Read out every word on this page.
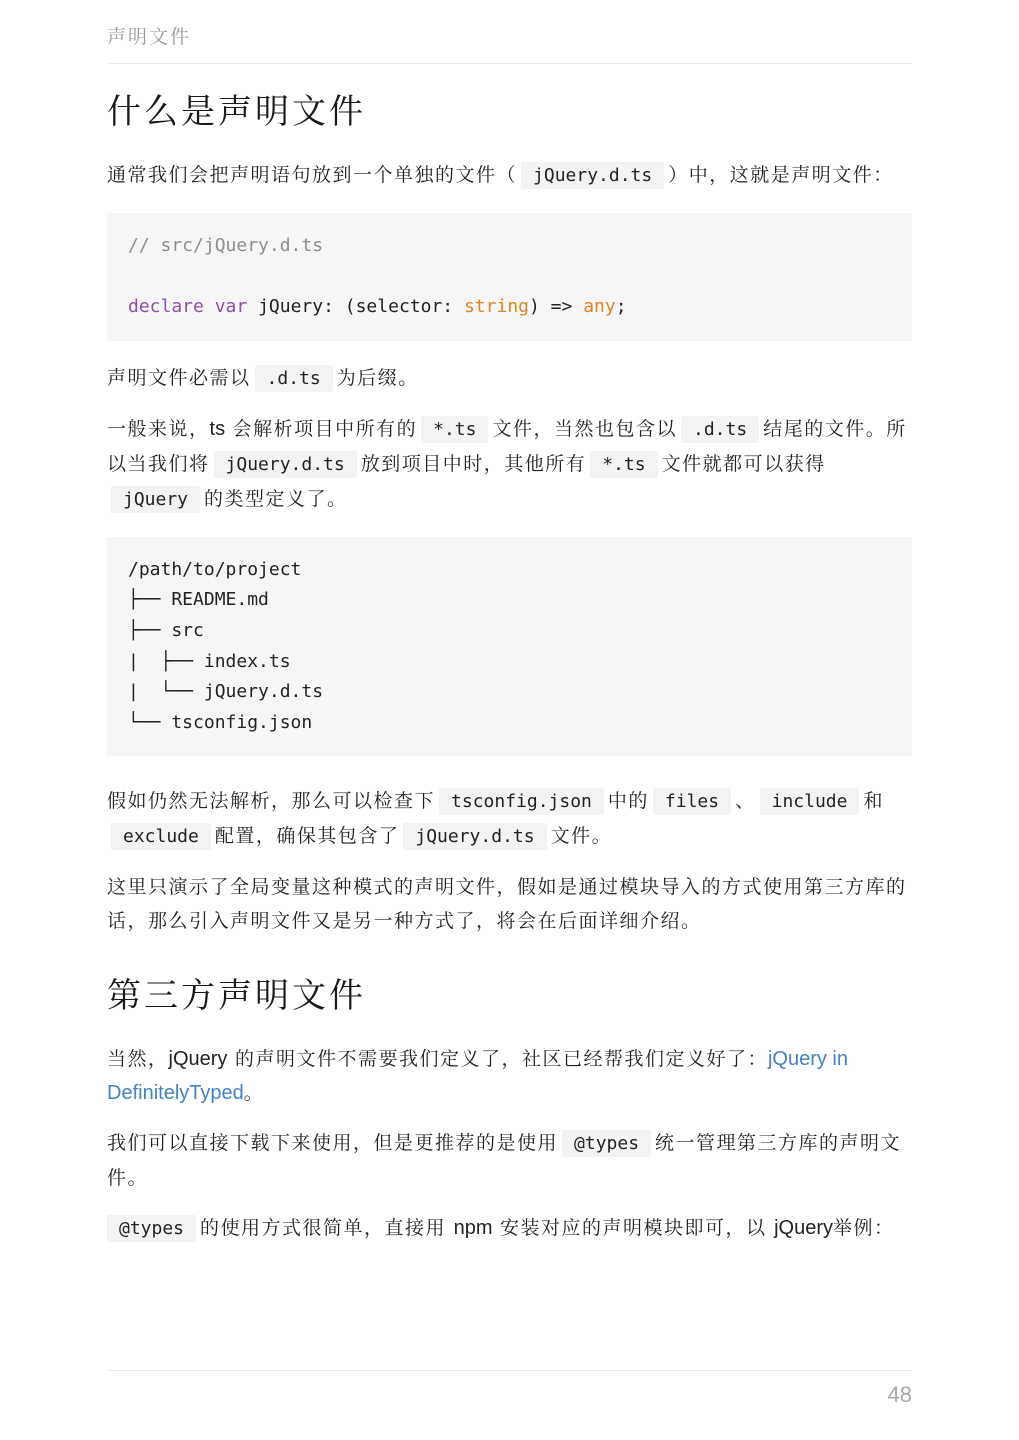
声明文件
什么是声明文件

通常我们会把声明语句放到一个单独的文件（ jQuery.d.ts ）中，这就是声明文件：

// src/jQuery.d.ts

declare var jQuery: (selector: string) => any;

声明文件必需以 .d.ts 为后缀。

一般来说，ts 会解析项目中所有的 *.ts 文件，当然也包含以 .d.ts 结尾的文件。所以当我们将 jQuery.d.ts 放到项目中时，其他所有 *.ts 文件就都可以获得jQuery 的类型定义了。

/path/to/project
├── README.md
├── src
|  ├── index.ts
|  └── jQuery.d.ts
└── tsconfig.json

假如仍然无法解析，那么可以检查下 tsconfig.json 中的 files 、 include 和exclude 配置，确保其包含了 jQuery.d.ts 文件。

这里只演示了全局变量这种模式的声明文件，假如是通过模块导入的方式使用第三方库的话，那么引入声明文件又是另一种方式了，将会在后面详细介绍。

第三方声明文件

当然，jQuery 的声明文件不需要我们定义了，社区已经帮我们定义好了：jQuery in DefinitelyTyped。

我们可以直接下载下来使用，但是更推荐的是使用 @types 统一管理第三方库的声明文件。

@types 的使用方式很简单，直接用 npm 安装对应的声明模块即可，以 jQuery举例：

48
